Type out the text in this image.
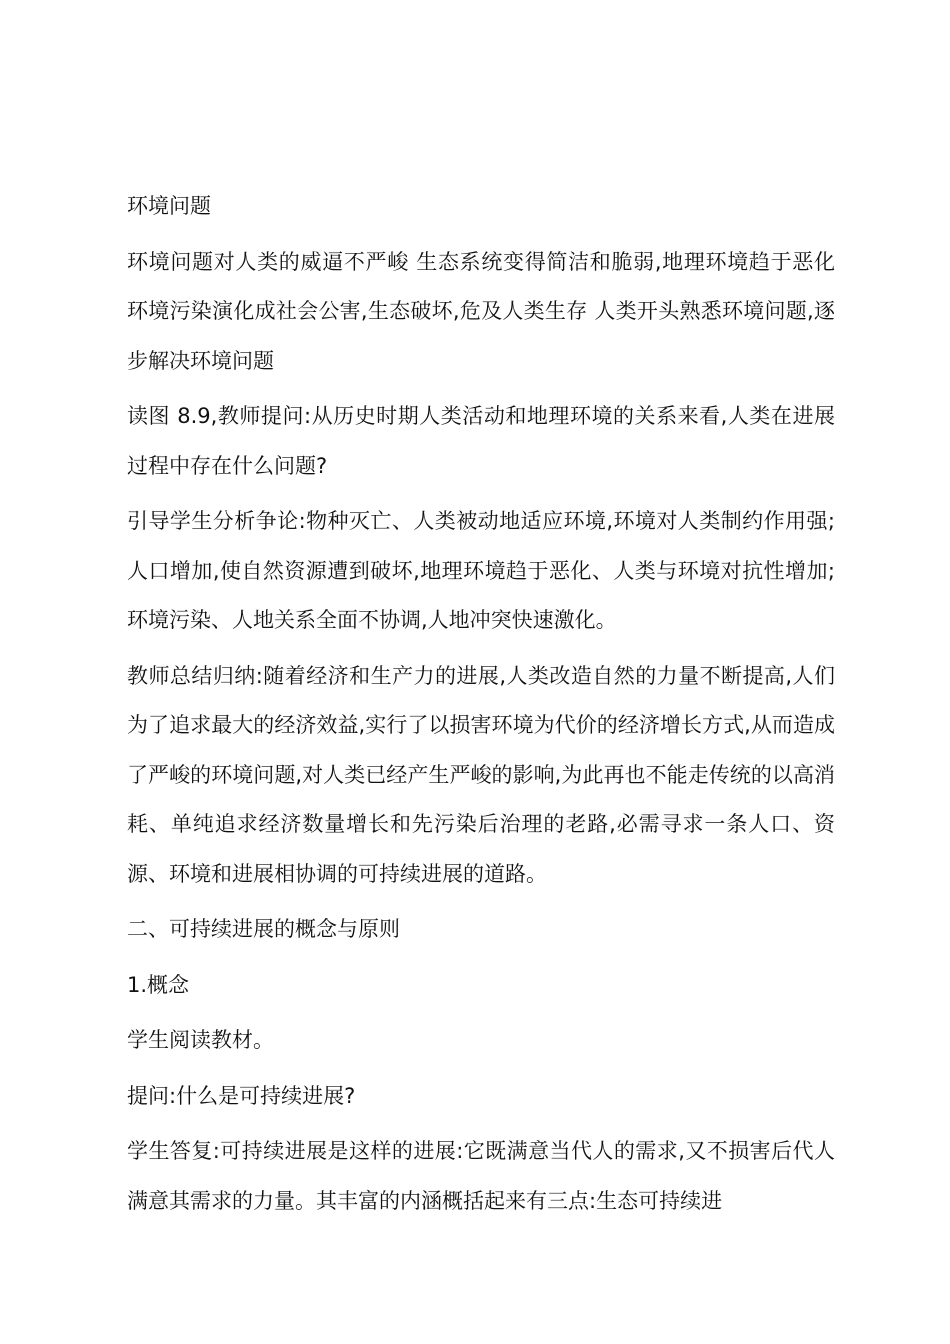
环境问题

环境问题对人类的威逼不严峻 生态系统变得简洁和脆弱,地理环境趋于恶化 环境污染演化成社会公害,生态破坏,危及人类生存 人类开头熟悉环境问题,逐步解决环境问题

读图 8.9,教师提问:从历史时期人类活动和地理环境的关系来看,人类在进展过程中存在什么问题?

引导学生分析争论:物种灭亡、人类被动地适应环境,环境对人类制约作用强;人口增加,使自然资源遭到破坏,地理环境趋于恶化、人类与环境对抗性增加;环境污染、人地关系全面不协调,人地冲突快速激化。

教师总结归纳:随着经济和生产力的进展,人类改造自然的力量不断提高,人们为了追求最大的经济效益,实行了以损害环境为代价的经济增长方式,从而造成了严峻的环境问题,对人类已经产生严峻的影响,为此再也不能走传统的以高消耗、单纯追求经济数量增长和先污染后治理的老路,必需寻求一条人口、资源、环境和进展相协调的可持续进展的道路。

二、可持续进展的概念与原则

1.概念

学生阅读教材。

提问:什么是可持续进展?

学生答复:可持续进展是这样的进展:它既满意当代人的需求,又不损害后代人满意其需求的力量。其丰富的内涵概括起来有三点:生态可持续进
